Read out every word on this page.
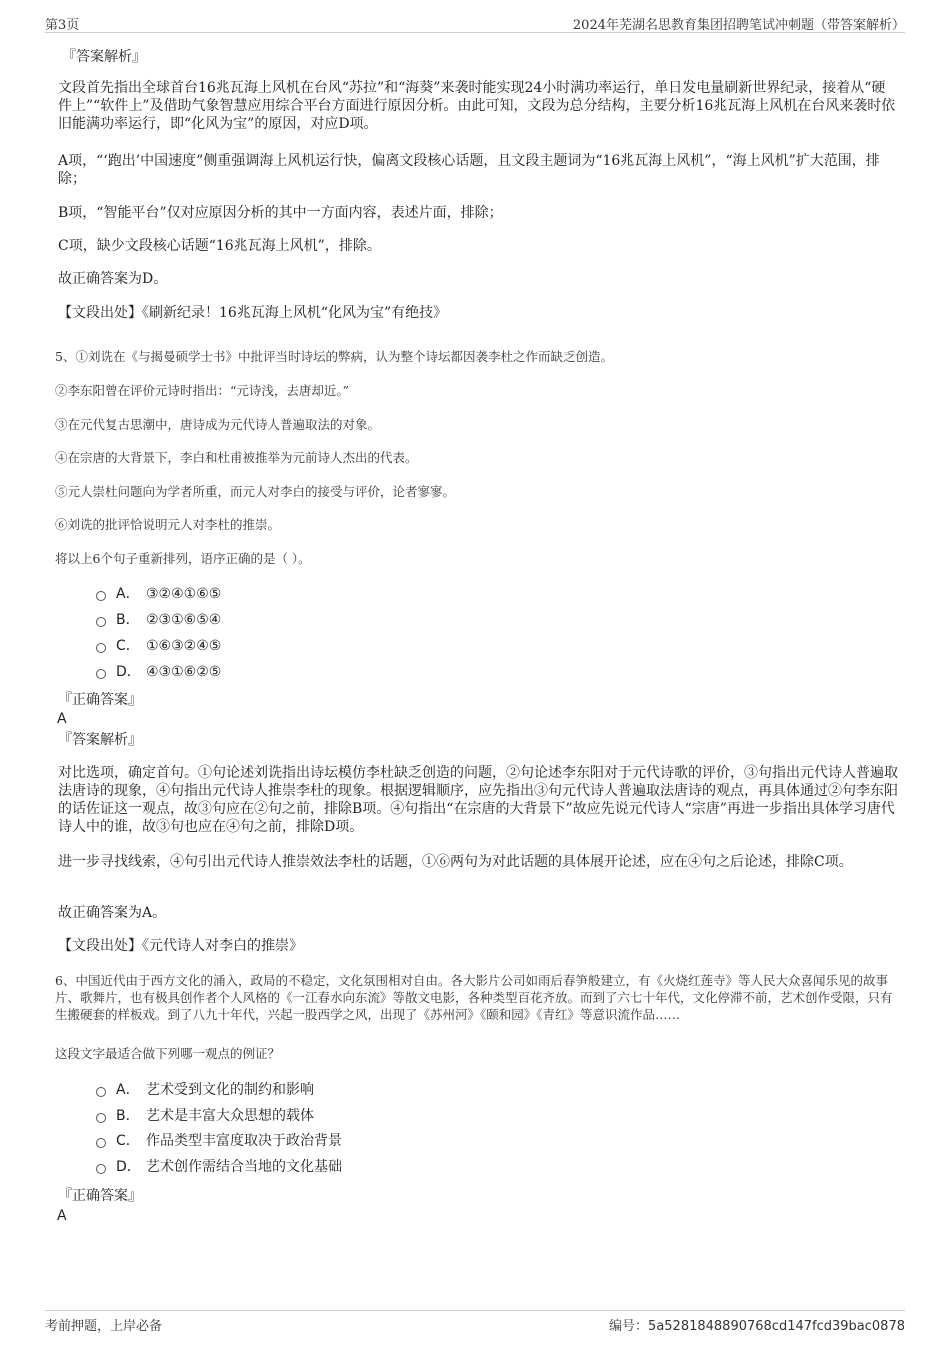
第3页	2024年芜湖名思教育集团招聘笔试冲刺题（带答案解析）
『答案解析』
文段首先指出全球首台16兆瓦海上风机在台风“苏拉”和“海葵”来袭时能实现24小时满功率运行，单日发电量刷新世界纪录，接着从“硬件上”“软件上”及借助气象智慧应用综合平台方面进行原因分析。由此可知，文段为总分结构，主要分析16兆瓦海上风机在台风来袭时依旧能满功率运行，即“化风为宝”的原因，对应D项。
A项，“‘跑出’中国速度”侧重强调海上风机运行快，偏离文段核心话题，且文段主题词为“16兆瓦海上风机”，“海上风机”扩大范围，排除；
B项，“智能平台”仅对应原因分析的其中一方面内容，表述片面，排除；
C项，缺少文段核心话题“16兆瓦海上风机”，排除。
故正确答案为D。
【文段出处】《刷新纪录！16兆瓦海上风机“化风为宝”有绝技》
5、①刘诜在《与揭曼硕学士书》中批评当时诗坛的弊病，认为整个诗坛都因袭李杜之作而缺乏创造。
②李东阳曾在评价元诗时指出：“元诗浅，去唐却近。”
③在元代复古思潮中，唐诗成为元代诗人普遍取法的对象。
④在宗唐的大背景下，李白和杜甫被推举为元前诗人杰出的代表。
⑤元人崇杜问题向为学者所重，而元人对李白的接受与评价，论者寥寥。
⑥刘诜的批评恰说明元人对李杜的推崇。
将以上6个句子重新排列，语序正确的是（ ）。
A． ③②④①⑥⑤
B． ②③①⑥⑤④
C． ①⑥③②④⑤
D． ④③①⑥②⑤
『正确答案』
A
『答案解析』
对比选项，确定首句。①句论述刘诜指出诗坛模仿李杜缺乏创造的问题，②句论述李东阳对于元代诗歌的评价，③句指出元代诗人普遍取法唐诗的现象，④句指出元代诗人推崇李杜的现象。根据逻辑顺序，应先指出③句元代诗人普遍取法唐诗的观点，再具体通过②句李东阳的话佐证这一观点，故③句应在②句之前，排除B项。④句指出“在宗唐的大背景下”故应先说元代诗人“宗唐”再进一步指出具体学习唐代诗人中的谁，故③句也应在④句之前，排除D项。
进一步寻找线索，④句引出元代诗人推崇效法李杜的话题，①⑥两句为对此话题的具体展开论述，应在④句之后论述，排除C项。
故正确答案为A。
【文段出处】《元代诗人对李白的推崇》
6、中国近代由于西方文化的涌入，政局的不稳定，文化氛围相对自由。各大影片公司如雨后春笋般建立，有《火烧红莲寺》等人民大众喜闻乐见的故事片、歌舞片，也有极具创作者个人风格的《一江春水向东流》等散文电影，各种类型百花齐放。而到了六七十年代，文化停滞不前，艺术创作受限，只有生搬硬套的样板戏。到了八九十年代，兴起一股西学之风，出现了《苏州河》《颐和园》《青红》等意识流作品……
这段文字最适合做下列哪一观点的例证？
A． 艺术受到文化的制约和影响
B． 艺术是丰富大众思想的载体
C． 作品类型丰富度取决于政治背景
D． 艺术创作需结合当地的文化基础
『正确答案』
A
考前押题，上岸必备	编号：5a5281848890768cd147fcd39bac0878
